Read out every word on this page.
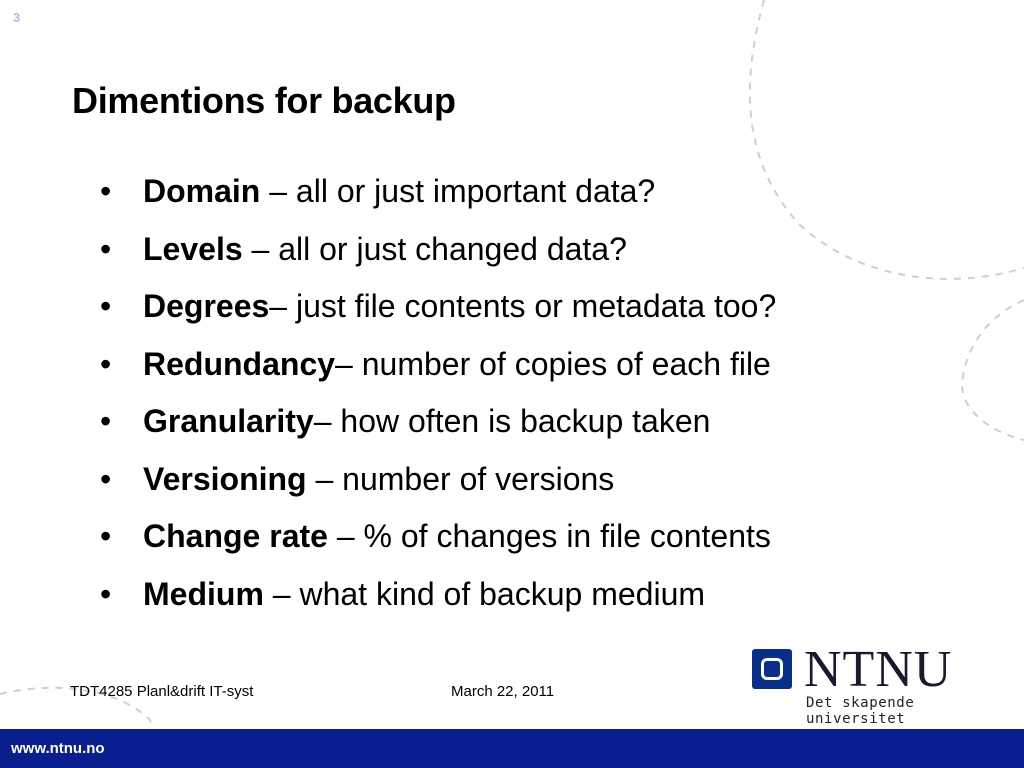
3
Dimentions for backup
• Domain – all or just important data?
• Levels – all or just changed data?
• Degrees– just file contents or metadata too?
• Redundancy– number of copies of each file
• Granularity– how often is backup taken
• Versioning – number of versions
• Change rate – % of changes in file contents
• Medium – what kind of backup medium
TDT4285 Planl&drift IT-syst	March 22, 2011	NTNU
Det skapende universitet
www.ntnu.no
